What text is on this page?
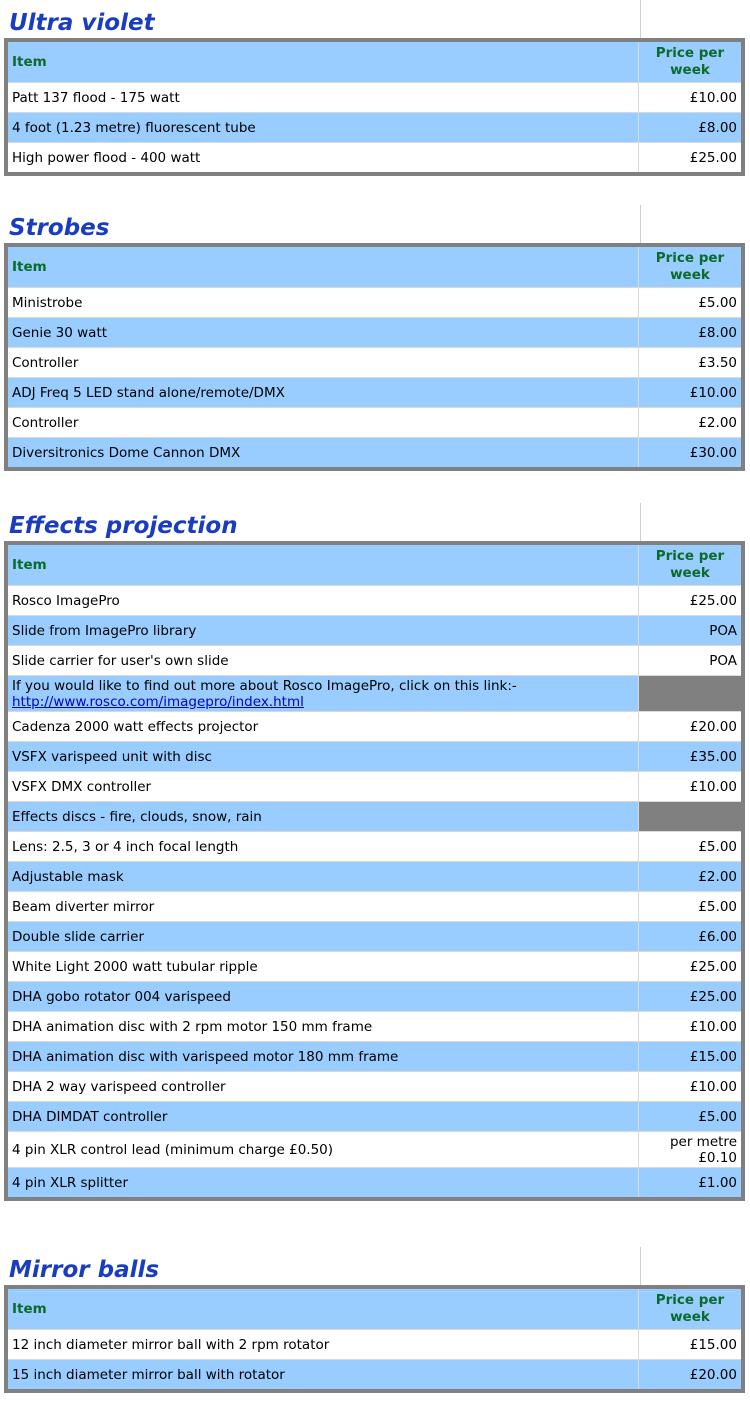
Ultra violet
Item	Price per week
Patt 137 flood - 175 watt	£10.00
4 foot (1.23 metre) fluorescent tube	£8.00
High power flood - 400 watt	£25.00
Strobes
Item	Price per week
Ministrobe	£5.00
Genie 30 watt	£8.00
Controller	£3.50
ADJ Freq 5 LED stand alone/remote/DMX	£10.00
Controller	£2.00
Diversitronics Dome Cannon DMX	£30.00
Effects projection
Item	Price per week
Rosco ImagePro	£25.00
Slide from ImagePro library	POA
Slide carrier for user's own slide	POA
If you would like to find out more about Rosco ImagePro, click on this link:-
http://www.rosco.com/imagepro/index.html	
Cadenza 2000 watt effects projector	£20.00
VSFX varispeed unit with disc	£35.00
VSFX DMX controller	£10.00
Effects discs - fire, clouds, snow, rain	
Lens: 2.5, 3 or 4 inch focal length	£5.00
Adjustable mask	£2.00
Beam diverter mirror	£5.00
Double slide carrier	£6.00
White Light 2000 watt tubular ripple	£25.00
DHA gobo rotator 004 varispeed	£25.00
DHA animation disc with 2 rpm motor 150 mm frame	£10.00
DHA animation disc with varispeed motor 180 mm frame	£15.00
DHA 2 way varispeed controller	£10.00
DHA DIMDAT controller	£5.00
4 pin XLR control lead (minimum charge £0.50)	per metre
£0.10
4 pin XLR splitter	£1.00
Mirror balls
Item	Price per week
12 inch diameter mirror ball with 2 rpm rotator	£15.00
15 inch diameter mirror ball with rotator	£20.00
